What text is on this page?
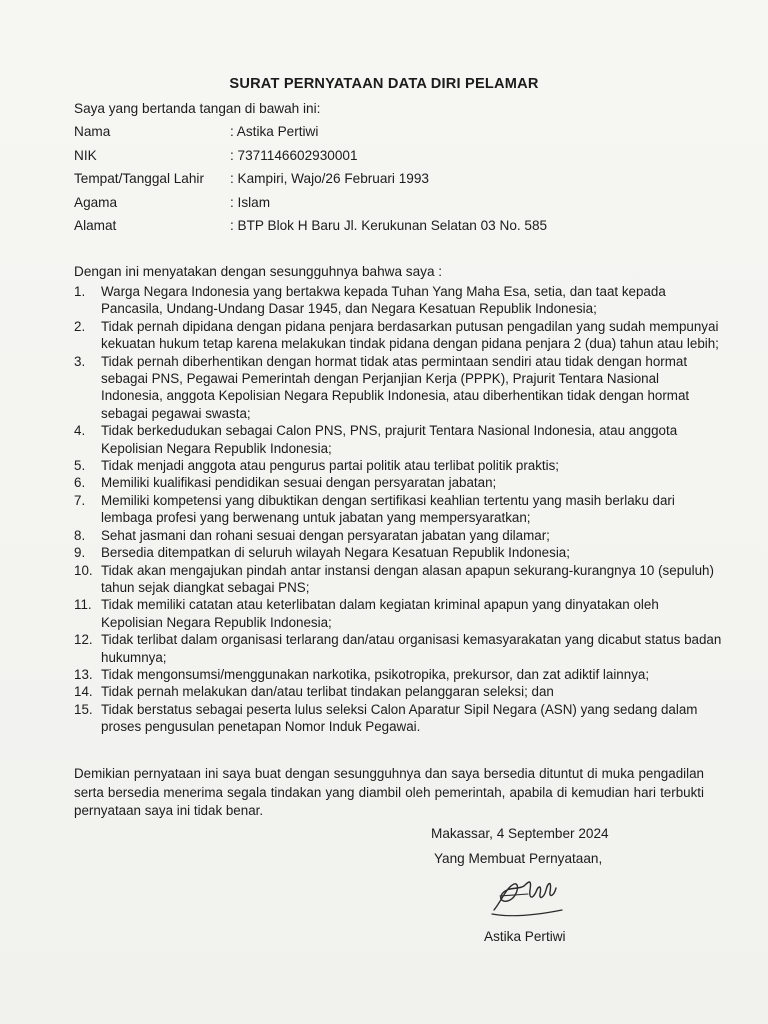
SURAT PERNYATAAN DATA DIRI PELAMAR
Saya yang bertanda tangan di bawah ini:
Nama	: Astika Pertiwi
NIK	: 7371146602930001
Tempat/Tanggal Lahir	: Kampiri, Wajo/26 Februari 1993
Agama	: Islam
Alamat	: BTP Blok H Baru Jl. Kerukunan Selatan 03 No. 585
Dengan ini menyatakan dengan sesungguhnya bahwa saya :
1.	Warga Negara Indonesia yang bertakwa kepada Tuhan Yang Maha Esa, setia, dan taat kepada Pancasila, Undang-Undang Dasar 1945, dan Negara Kesatuan Republik Indonesia;
2.	Tidak pernah dipidana dengan pidana penjara berdasarkan putusan pengadilan yang sudah mempunyai kekuatan hukum tetap karena melakukan tindak pidana dengan pidana penjara 2 (dua) tahun atau lebih;
3.	Tidak pernah diberhentikan dengan hormat tidak atas permintaan sendiri atau tidak dengan hormat sebagai PNS, Pegawai Pemerintah dengan Perjanjian Kerja (PPPK), Prajurit Tentara Nasional Indonesia, anggota Kepolisian Negara Republik Indonesia, atau diberhentikan tidak dengan hormat sebagai pegawai swasta;
4.	Tidak berkedudukan sebagai Calon PNS, PNS, prajurit Tentara Nasional Indonesia, atau anggota Kepolisian Negara Republik Indonesia;
5.	Tidak menjadi anggota atau pengurus partai politik atau terlibat politik praktis;
6.	Memiliki kualifikasi pendidikan sesuai dengan persyaratan jabatan;
7.	Memiliki kompetensi yang dibuktikan dengan sertifikasi keahlian tertentu yang masih berlaku dari lembaga profesi yang berwenang untuk jabatan yang mempersyaratkan;
8.	Sehat jasmani dan rohani sesuai dengan persyaratan jabatan yang dilamar;
9.	Bersedia ditempatkan di seluruh wilayah Negara Kesatuan Republik Indonesia;
10. Tidak akan mengajukan pindah antar instansi dengan alasan apapun sekurang-kurangnya 10 (sepuluh) tahun sejak diangkat sebagai PNS;
11. Tidak memiliki catatan atau keterlibatan dalam kegiatan kriminal apapun yang dinyatakan oleh Kepolisian Negara Republik Indonesia;
12. Tidak terlibat dalam organisasi terlarang dan/atau organisasi kemasyarakatan yang dicabut status badan hukumnya;
13. Tidak mengonsumsi/menggunakan narkotika, psikotropika, prekursor, dan zat adiktif lainnya;
14. Tidak pernah melakukan dan/atau terlibat tindakan pelanggaran seleksi; dan
15. Tidak berstatus sebagai peserta lulus seleksi Calon Aparatur Sipil Negara (ASN) yang sedang dalam proses pengusulan penetapan Nomor Induk Pegawai.
Demikian pernyataan ini saya buat dengan sesungguhnya dan saya bersedia dituntut di muka pengadilan serta bersedia menerima segala tindakan yang diambil oleh pemerintah, apabila di kemudian hari terbukti pernyataan saya ini tidak benar.
Makassar, 4 September 2024
Yang Membuat Pernyataan,
Astika Pertiwi
